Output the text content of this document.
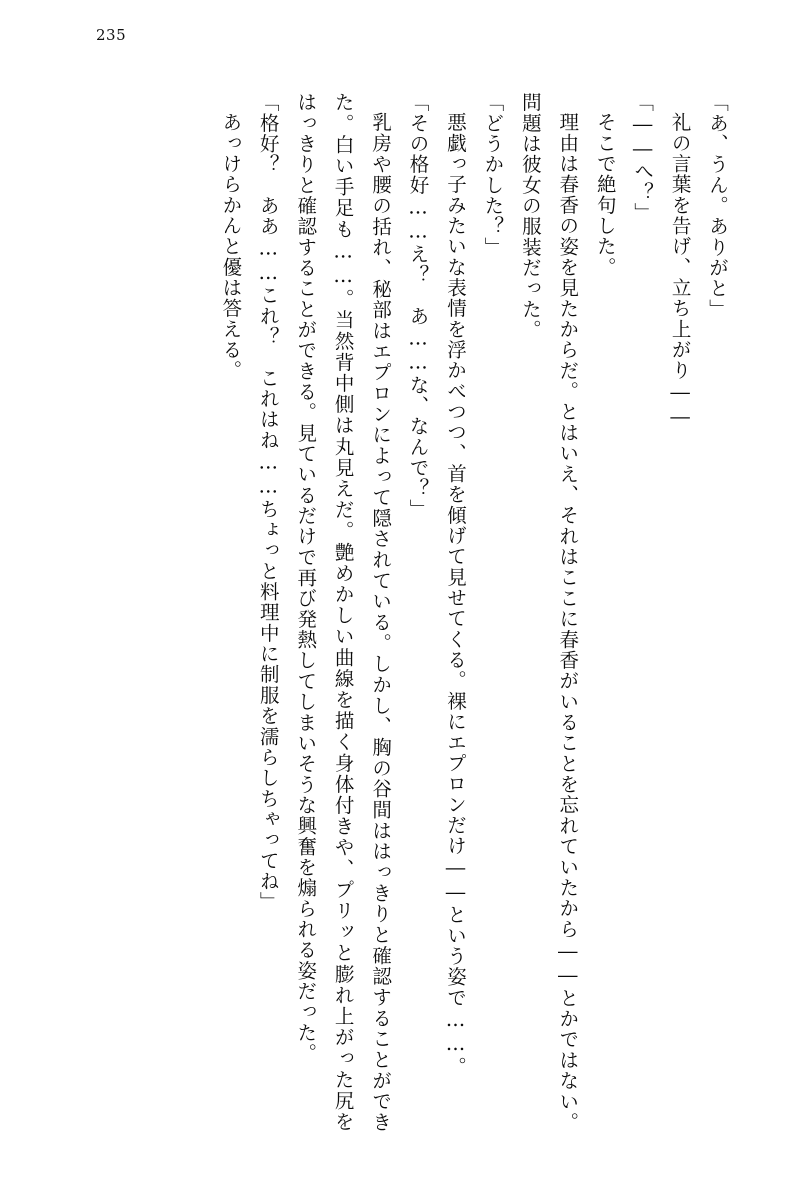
235

「あ、うん。ありがと」

礼の言葉を告げ、立ち上がり――

「――へ？」

そこで絶句した。

理由は春香の姿を見たからだ。とはいえ、それはここに春香がいることを忘れていたから――とかではない。問題は彼女の服装だった。

「どうかした？」

悪戯っ子みたいな表情を浮かべつつ、首を傾げて見せてくる。裸にエプロンだけ――という姿で……。

「その格好……え？　あ……な、なんで？」

乳房や腰の括れ、秘部はエプロンによって隠されている。しかし、胸の谷間ははっきりと確認することができた。白い手足も……。当然背中側は丸見えだ。艶めかしい曲線を描く身体付きや、プリッと膨れ上がった尻をはっきりと確認することができる。見ているだけで再び発熱してしまいそうな興奮を煽られる姿だった。

「格好？　ああ……これ？　これはね……ちょっと料理中に制服を濡らしちゃってね」

あっけらかんと優は答える。
